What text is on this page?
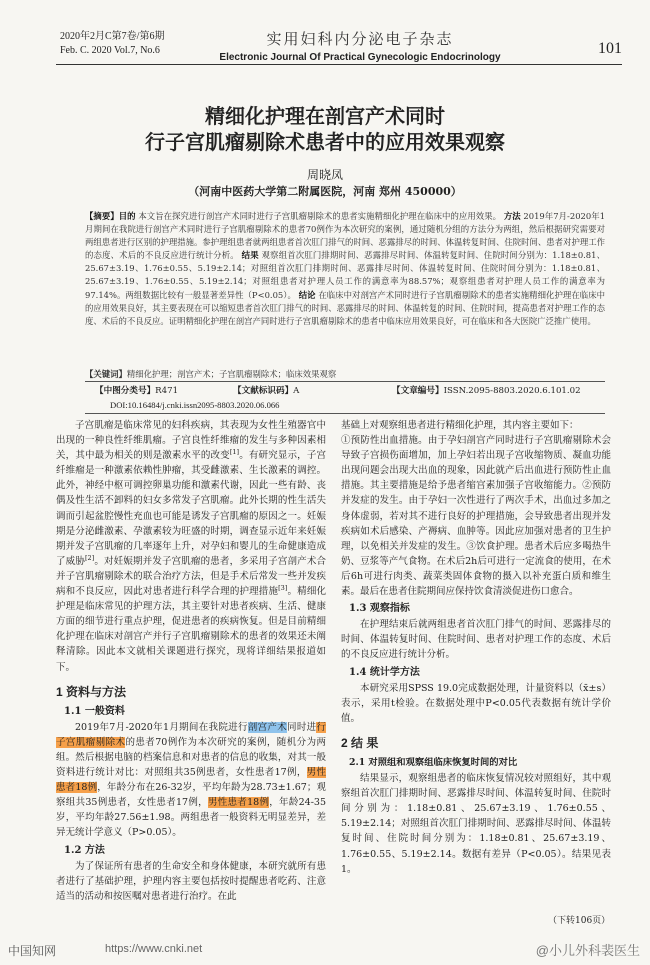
2020年2月C第7卷/第6期
Feb. C. 2020 Vol.7, No.6
实用妇科内分泌电子杂志
Electronic Journal Of Practical Gynecologic Endocrinology
101
精细化护理在剖宫产术同时
行子宫肌瘤剔除术患者中的应用效果观察
周晓凤
（河南中医药大学第二附属医院，河南 郑州 450000）
【摘要】目的 本文旨在探究进行剖宫产术同时进行子宫肌瘤剔除术的患者实施精细化护理在临床中的应用效果。 方法 2019年7月-2020年1月期间在我院进行剖宫产术同时进行子宫肌瘤剔除术的患者70例作为本次研究的案例，通过随机分组的方法分为两组，然后根据研究需要对两组患者进行区别的护理措施。参护理组患者就两组患者首次肛门排气的时间、恶露排尽的时间、体温转复时间、住院时间、患者对护理工作的态度、术后的不良反应进行统计分析。 结果 观察组首次肛门排期时间、恶露排尽时间、体温转复时间、住院时间分别为：1.18±0.81、25.67±3.19、1.76±0.55、5.19±2.14；对照组首次肛门排期时间、恶露排尽时间、体温转复时间、住院时间分别为：1.18±0.81、25.67±3.19、1.76±0.55、5.19±2.14；对照组患者对护理人员工作的满意率为88.57%；观察组患者对护理人员工作的满意率为97.14%。两组数据比较有一般显著差异性（P<0.05）。 结论 在临床中对剖宫产术同时进行子宫肌瘤剔除术的患者实施精细化护理在临床中的应用效果良好，其主要表现在可以缩短患者首次肛门排气的时间、恶露排尽的时间、体温转复的时间、住院时间，提高患者对护理工作的态度、术后的不良反应。证明精细化护理在剖宫产同时进行子宫肌瘤剔除术的患者中临床应用效果良好，可在临床和各大医院广泛推广使用。
【关键词】精细化护理；剖宫产术；子宫肌瘤剔除术；临床效果观察
【中图分类号】R471	【文献标识码】A	【文章编号】ISSN.2095-8803.2020.6.101.02
DOI:10.16484/j.cnki.issn2095-8803.2020.06.066

子宫肌瘤是临床常见的妇科疾病，其表现为女性生殖器官中出现的一种良性纤维肌瘤。子宫良性纤维瘤的发生与多种因素相关，其中最为相关的则是激素水平的改变[1]。有研究显示，子宫纤维瘤是一种激素依赖性肿瘤，其受雌激素、生长激素的调控。此外，神经中枢可调控卵巢功能和激素代谢，因此一些有龄、丧偶及性生活不卸料的妇女多常发子宫肌瘤。此外长期的性生活失调而引起盆腔慢性充血也可能是诱发子宫肌瘤的原因之一。妊娠期是分泌雌激素、孕激素较为旺盛的时期，调查显示近年来妊娠期并发子宫肌瘤的几率逐年上升，对孕妇和婴儿的生命健康造成了威胁[2]。对妊娠期并发子宫肌瘤的患者，多采用子宫剖产术合并子宫肌瘤剔除术的联合治疗方法，但是手术后常发一些并发疾病和不良反应，因此对患者进行科学合理的护理措施[3]。精细化护理是临床常见的护理方法，其主要针对患者疾病、生活、健康方面的细节进行重点护理，促进患者的疾病恢复。但是目前精细化护理在临床对剖宫产并行子宫肌瘤剔除术的患者的效果还未阐释清除。因此本文就相关课题进行探究，现将详细结果报道如下。

1 资料与方法
1.1 一般资料

2019年7月-2020年1月期间在我院进行剖宫产术同时进行子宫肌瘤剔除术的患者70例作为本次研究的案例，随机分为两组。然后根据电脑的档案信息和对患者的信息的收集，对其一般资料进行统计对比：对照组共35例患者，女性患者17例，男性患者18例，年龄分布在26-32岁，平均年龄为28.73±1.67；观察组共35例患者，女性患者17例，男性患者18例，年龄24-35岁，平均年龄27.56±1.98。两组患者一般资料无明显差异，差异无统计学意义（P>0.05）。

1.2 方法

为了保证所有患者的生命安全和身体健康，本研究就所有患者进行了基础护理，护理内容主要包括按时提醒患者吃药、注意适当的活动和按医嘱对患者进行治疗。在此

基础上对观察组患者进行精细化护理，其内容主要如下：

①预防性出血措施。由于孕妇剖宫产同时进行子宫肌瘤剔除术会导致子宫损伤面增加，加上孕妇若出现子宫收缩物质、凝血功能出现问题会出现大出血的现象，因此就产后出血进行预防性止血措施。其主要措施是给予患者缩宫素加强子宫收缩能力。②预防并发症的发生。由于孕妇一次性进行了两次手术，出血过多加之身体虚弱，若对其不进行良好的护理措施，会导致患者出现并发疾病如术后感染、产褥病、血肿等。因此应加强对患者的卫生护理，以免相关并发症的发生。③饮食护理。患者术后应多喝热牛奶、豆浆等产气食物。在术后2h后可进行一定流食的使用，在术后6h可进行肉类、蔬菜类固体食物的摄入以补充蛋白质和维生素。最后在患者住院期间应保持饮食清淡促进伤口愈合。

1.3 观察指标

在护理结束后就两组患者首次肛门排气的时间、恶露排尽的时间、体温转复时间、住院时间、患者对护理工作的态度、术后的不良反应进行统计分析。

1.4 统计学方法

本研究采用SPSS 19.0完成数据处理，计量资料以（x̄±s）表示，采用t检验。在数据处理中P<0.05代表数据有统计学价值。

2 结 果
2.1 对照组和观察组临床恢复时间的对比

结果显示，观察组患者的临床恢复情况较对照组好，其中观察组首次肛门排期时间、恶露排尽时间、体温转复时间、住院时间分别为：1.18±0.81、25.67±3.19、1.76±0.55、5.19±2.14；对照组首次肛门排期时间、恶露排尽时间、体温转复时间、住院时间分别为：1.18±0.81、25.67±3.19、1.76±0.55、5.19±2.14。数据有差异（P<0.05）。结果见表1。

（下转106页）
中国知网	https://www.cnki.net	@小儿外科裴医生
